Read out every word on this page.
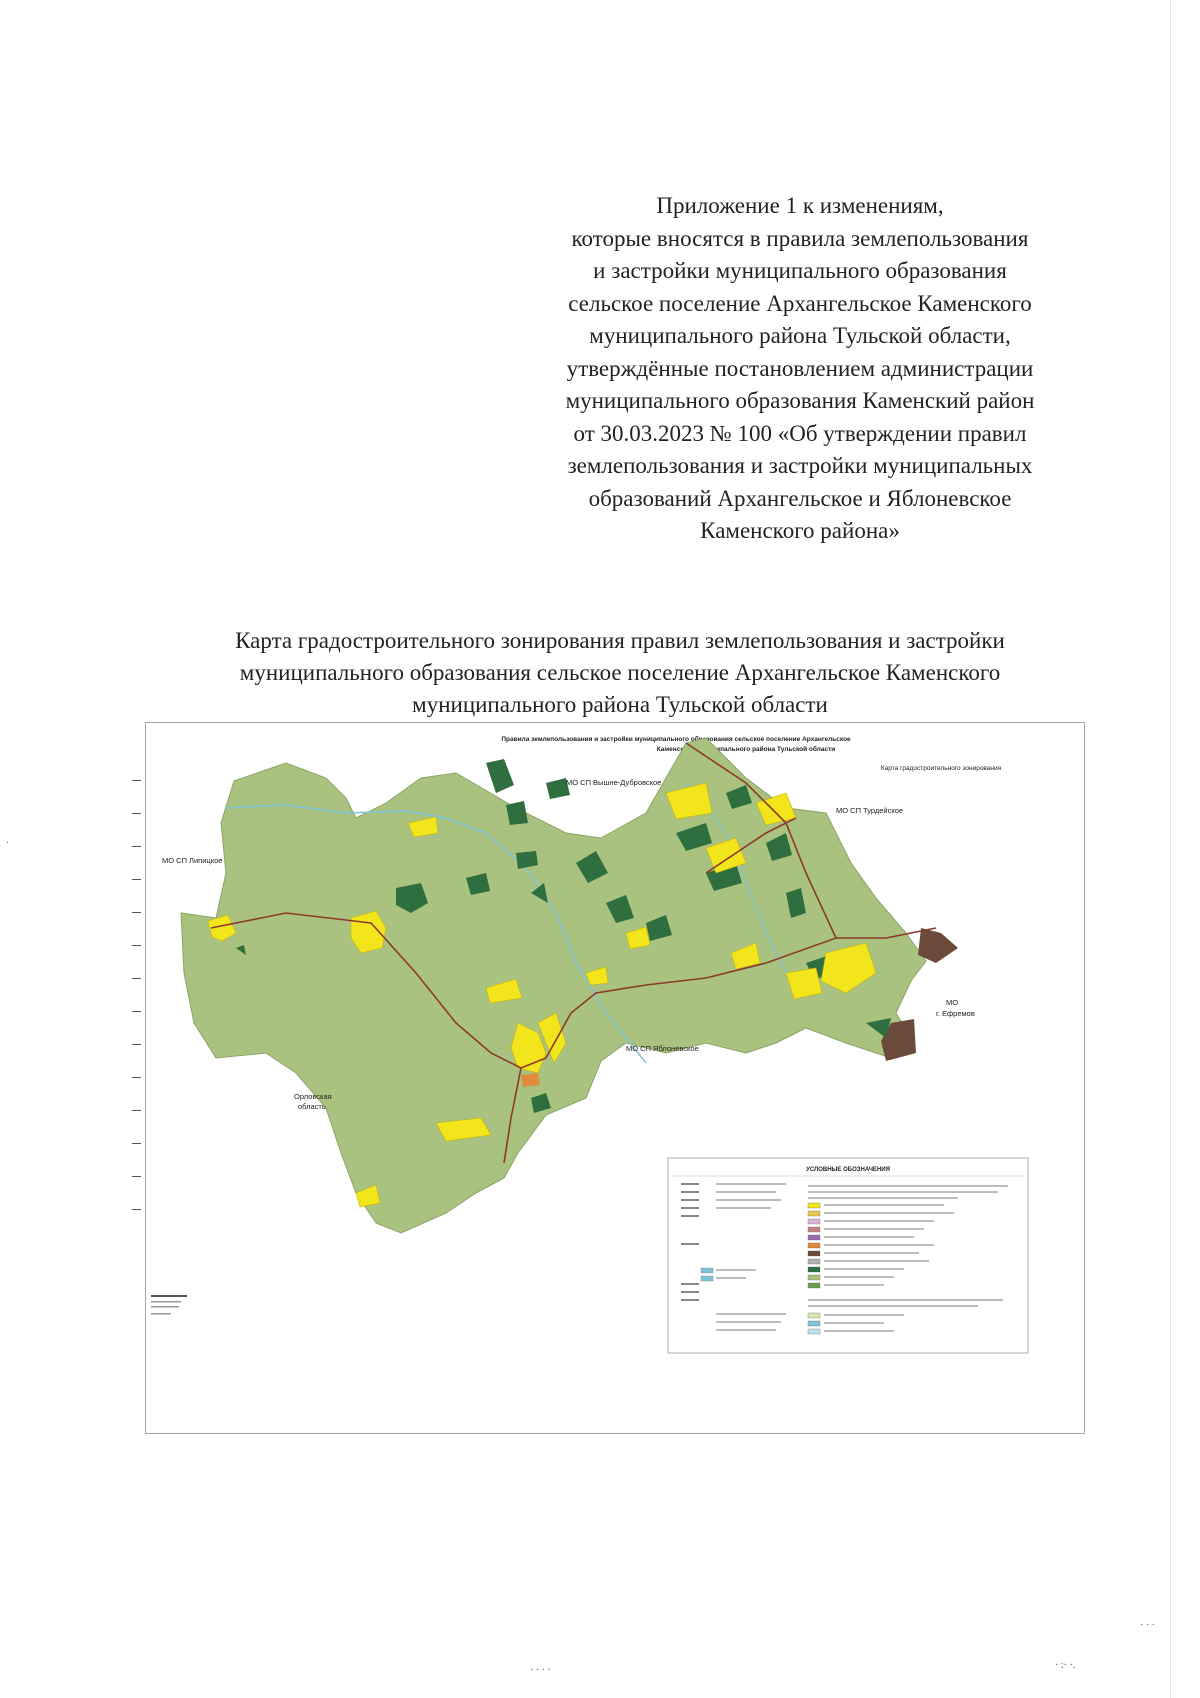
Приложение 1 к изменениям,
которые вносятся в правила землепользования
и застройки муниципального образования
сельское поселение Архангельское Каменского
муниципального района Тульской области,
утверждённые постановлением администрации
муниципального образования Каменский район
от 30.03.2023 № 100 «Об утверждении правил
землепользования и застройки муниципальных
образований Архангельское и Яблоневское
Каменского района»
Карта градостроительного зонирования правил землепользования и застройки
муниципального образования сельское поселение Архангельское Каменского
муниципального района Тульской области
Правила землепользования и застройки муниципального образования сельское поселение Архангельское
Каменского муниципального района Тульской области
Карта градостроительного зонирования
МО СП Вышне-Дубровское
МО СП Турдейское
МО СП Липицкое
МО
г. Ефремов
МО СП Яблоневское
Орловская
область
УСЛОВНЫЕ ОБОЗНАЧЕНИЯ
·
· · ·
· · · ·	· :· ·.
